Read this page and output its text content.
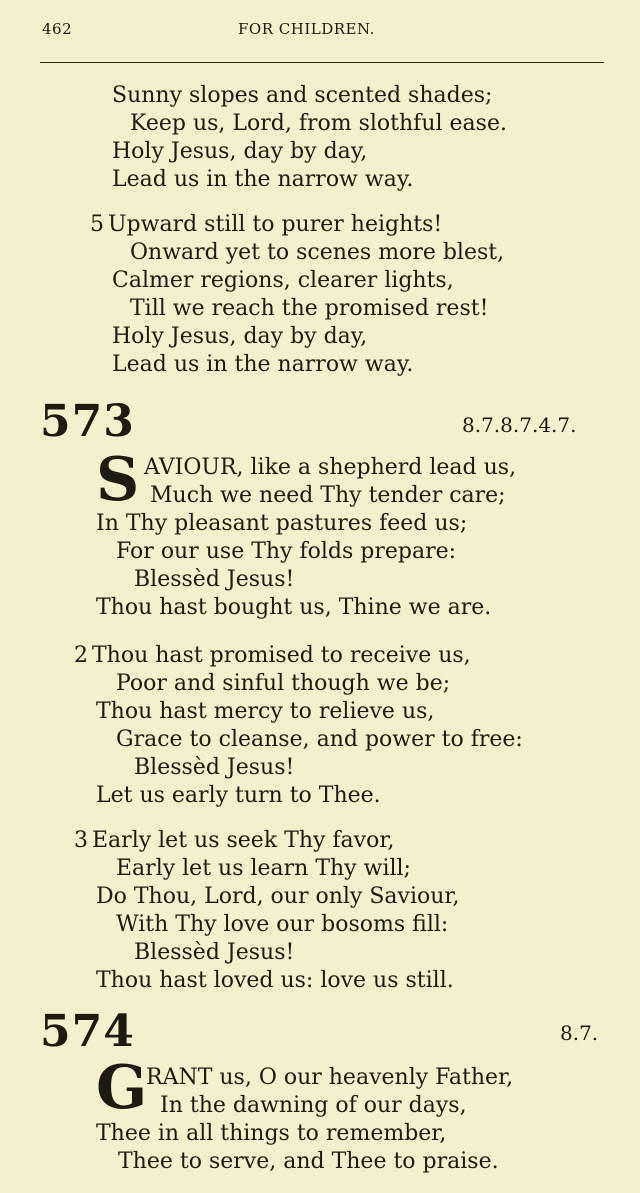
462	FOR CHILDREN.
Sunny slopes and scented shades;
Keep us, Lord, from slothful ease.
Holy Jesus, day by day,
Lead us in the narrow way.
5 Upward still to purer heights!
Onward yet to scenes more blest,
Calmer regions, clearer lights,
Till we reach the promised rest!
Holy Jesus, day by day,
Lead us in the narrow way.
573	8.7.8.7.4.7.
S AVIOUR, like a shepherd lead us,
Much we need Thy tender care;
In Thy pleasant pastures feed us;
For our use Thy folds prepare:
Blessèd Jesus!
Thou hast bought us, Thine we are.
2 Thou hast promised to receive us,
Poor and sinful though we be;
Thou hast mercy to relieve us,
Grace to cleanse, and power to free:
Blessèd Jesus!
Let us early turn to Thee.
3 Early let us seek Thy favor,
Early let us learn Thy will;
Do Thou, Lord, our only Saviour,
With Thy love our bosoms fill:
Blessèd Jesus!
Thou hast loved us: love us still.
574	8.7.
G
RANT us, O our heavenly Father,
In the dawning of our days,
Thee in all things to remember,
Thee to serve, and Thee to praise.
